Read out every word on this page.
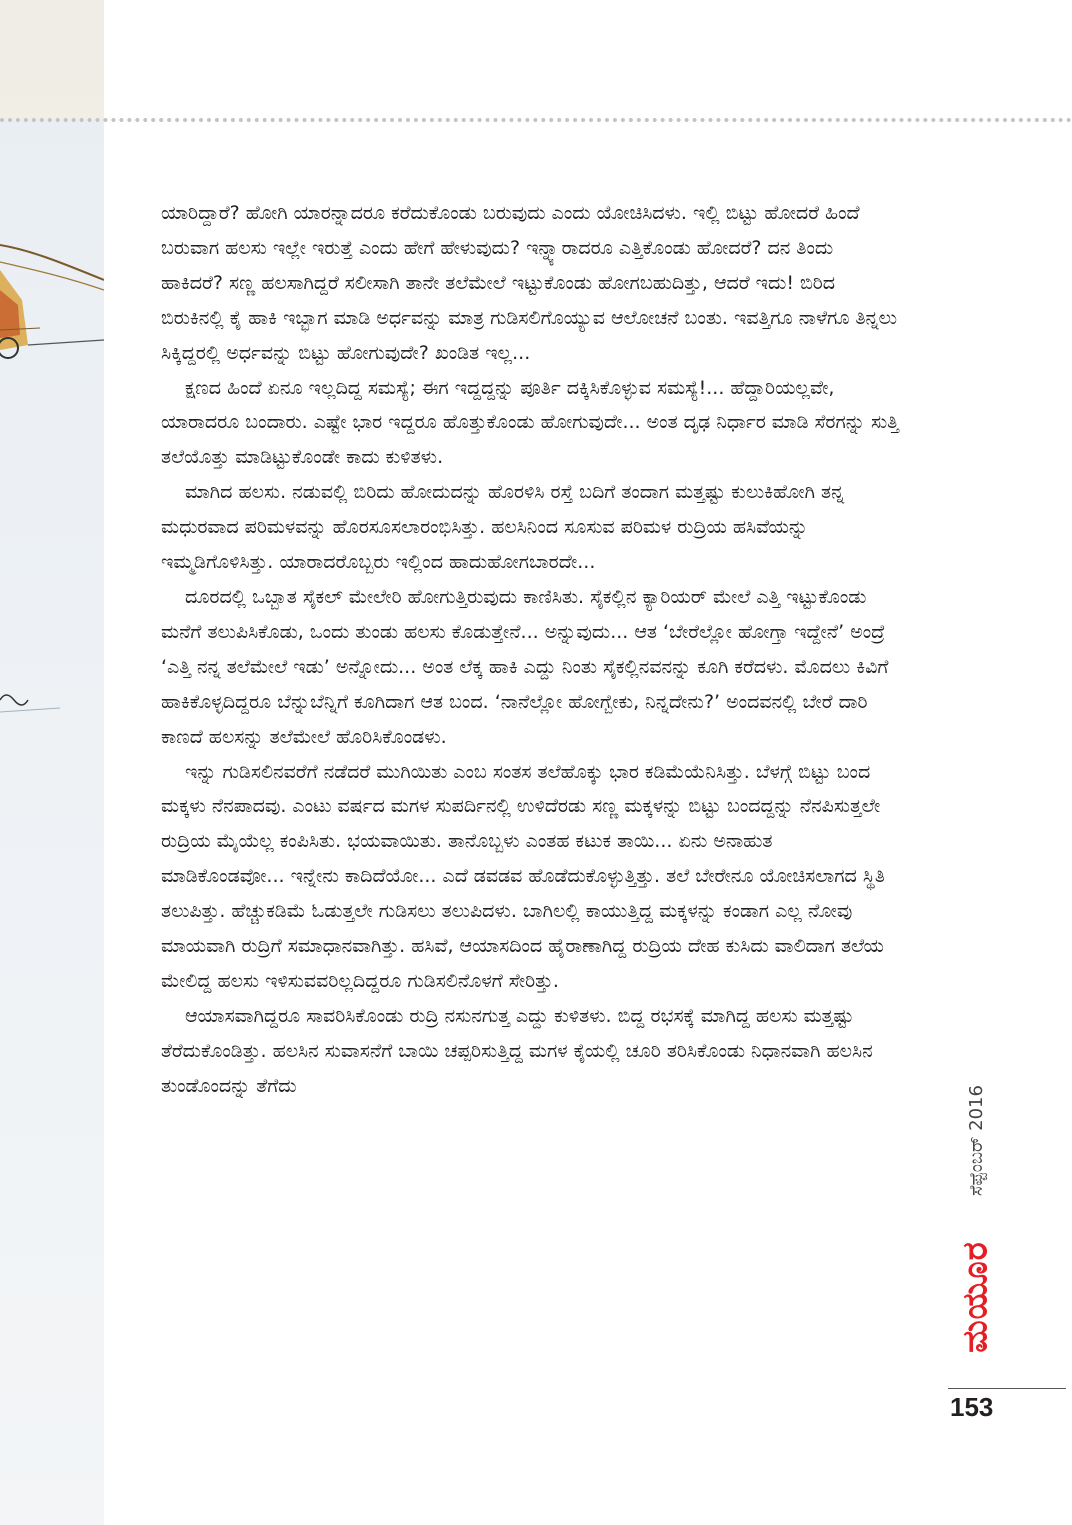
ಯಾರಿದ್ದಾರೆ? ಹೋಗಿ ಯಾರನ್ನಾದರೂ ಕರೆದುಕೊಂಡು ಬರುವುದು ಎಂದು ಯೋಚಿಸಿದಳು. ಇಲ್ಲಿ ಬಿಟ್ಟು ಹೋದರೆ ಹಿಂದೆ ಬರುವಾಗ ಹಲಸು ಇಲ್ಲೇ ಇರುತ್ತೆ ಎಂದು ಹೇಗೆ ಹೇಳುವುದು? ಇನ್ನ್ಯಾರಾದರೂ ಎತ್ತಿಕೊಂಡು ಹೋದರೆ? ದನ ತಿಂದು ಹಾಕಿದರೆ? ಸಣ್ಣ ಹಲಸಾಗಿದ್ದರೆ ಸಲೀಸಾಗಿ ತಾನೇ ತಲೆಮೇಲೆ ಇಟ್ಟುಕೊಂಡು ಹೋಗಬಹುದಿತ್ತು, ಆದರೆ ಇದು! ಬಿರಿದ ಬಿರುಕಿನಲ್ಲಿ ಕೈ ಹಾಕಿ ಇಬ್ಭಾಗ ಮಾಡಿ ಅರ್ಧವನ್ನು ಮಾತ್ರ ಗುಡಿಸಲಿಗೊಯ್ಯುವ ಆಲೋಚನೆ ಬಂತು. ಇವತ್ತಿಗೂ ನಾಳೆಗೂ ತಿನ್ನಲು ಸಿಕ್ಕಿದ್ದರಲ್ಲಿ ಅರ್ಧವನ್ನು ಬಿಟ್ಟು ಹೋಗುವುದೇ? ಖಂಡಿತ ಇಲ್ಲ...

ಕ್ಷಣದ ಹಿಂದೆ ಏನೂ ಇಲ್ಲದಿದ್ದ ಸಮಸ್ಯೆ; ಈಗ ಇದ್ದದ್ದನ್ನು ಪೂರ್ತಿ ದಕ್ಕಿಸಿಕೊಳ್ಳುವ ಸಮಸ್ಯೆ!... ಹೆದ್ದಾರಿಯಲ್ಲವೇ, ಯಾರಾದರೂ ಬಂದಾರು. ಎಷ್ಟೇ ಭಾರ ಇದ್ದರೂ ಹೊತ್ತುಕೊಂಡು ಹೋಗುವುದೇ... ಅಂತ ದೃಢ ನಿರ್ಧಾರ ಮಾಡಿ ಸೆರಗನ್ನು ಸುತ್ತಿ ತಲೆಯೊತ್ತು ಮಾಡಿಟ್ಟುಕೊಂಡೇ ಕಾದು ಕುಳಿತಳು.

ಮಾಗಿದ ಹಲಸು. ನಡುವಲ್ಲಿ ಬಿರಿದು ಹೋದುದನ್ನು ಹೊರಳಿಸಿ ರಸ್ತೆ ಬದಿಗೆ ತಂದಾಗ ಮತ್ತಷ್ಟು ಕುಲುಕಿಹೋಗಿ ತನ್ನ ಮಧುರವಾದ ಪರಿಮಳವನ್ನು ಹೊರಸೂಸಲಾರಂಭಿಸಿತ್ತು. ಹಲಸಿನಿಂದ ಸೂಸುವ ಪರಿಮಳ ರುದ್ರಿಯ ಹಸಿವೆಯನ್ನು ಇಮ್ಮಡಿಗೊಳಿಸಿತ್ತು. ಯಾರಾದರೊಬ್ಬರು ಇಲ್ಲಿಂದ ಹಾದುಹೋಗಬಾರದೇ...

ದೂರದಲ್ಲಿ ಒಬ್ಬಾತ ಸೈಕಲ್ ಮೇಲೇರಿ ಹೋಗುತ್ತಿರುವುದು ಕಾಣಿಸಿತು. ಸೈಕಲ್ಲಿನ ಕ್ಯಾರಿಯರ್ ಮೇಲೆ ಎತ್ತಿ ಇಟ್ಟುಕೊಂಡು ಮನೆಗೆ ತಲುಪಿಸಿಕೊಡು, ಒಂದು ತುಂಡು ಹಲಸು ಕೊಡುತ್ತೇನೆ... ಅನ್ನುವುದು... ಆತ ‘ಬೇರೆಲ್ಲೋ ಹೋಗ್ತಾ ಇದ್ದೇನೆ’ ಅಂದ್ರೆ ‘ಎತ್ತಿ ನನ್ನ ತಲೆಮೇಲೆ ಇಡು’ ಅನ್ನೋದು... ಅಂತ ಲೆಕ್ಕ ಹಾಕಿ ಎದ್ದು ನಿಂತು ಸೈಕಲ್ಲಿನವನನ್ನು ಕೂಗಿ ಕರೆದಳು. ಮೊದಲು ಕಿವಿಗೆ ಹಾಕಿಕೊಳ್ಳದಿದ್ದರೂ ಬೆನ್ನುಬೆನ್ನಿಗೆ ಕೂಗಿದಾಗ ಆತ ಬಂದ. ‘ನಾನೆಲ್ಲೋ ಹೋಗ್ಬೇಕು, ನಿನ್ನದೇನು?’ ಅಂದವನಲ್ಲಿ ಬೇರೆ ದಾರಿ ಕಾಣದೆ ಹಲಸನ್ನು ತಲೆಮೇಲೆ ಹೊರಿಸಿಕೊಂಡಳು.

ಇನ್ನು ಗುಡಿಸಲಿನವರೆಗೆ ನಡೆದರೆ ಮುಗಿಯಿತು ಎಂಬ ಸಂತಸ ತಲೆಹೊಕ್ಕು ಭಾರ ಕಡಿಮೆಯೆನಿಸಿತ್ತು. ಬೆಳಗ್ಗೆ ಬಿಟ್ಟು ಬಂದ ಮಕ್ಕಳು ನೆನಪಾದವು. ಎಂಟು ವರ್ಷದ ಮಗಳ ಸುಪರ್ದಿನಲ್ಲಿ ಉಳಿದೆರಡು ಸಣ್ಣ ಮಕ್ಕಳನ್ನು ಬಿಟ್ಟು ಬಂದದ್ದನ್ನು ನೆನಪಿಸುತ್ತಲೇ ರುದ್ರಿಯ ಮೈಯೆಲ್ಲ ಕಂಪಿಸಿತು. ಭಯವಾಯಿತು. ತಾನೊಬ್ಬಳು ಎಂತಹ ಕಟುಕ ತಾಯಿ... ಏನು ಅನಾಹುತ ಮಾಡಿಕೊಂಡವೋ... ಇನ್ನೇನು ಕಾದಿದೆಯೋ... ಎದೆ ಡವಡವ ಹೊಡೆದುಕೊಳ್ಳುತ್ತಿತ್ತು. ತಲೆ ಬೇರೇನೂ ಯೋಚಿಸಲಾಗದ ಸ್ಥಿತಿ ತಲುಪಿತ್ತು. ಹೆಚ್ಚುಕಡಿಮೆ ಓಡುತ್ತಲೇ ಗುಡಿಸಲು ತಲುಪಿದಳು. ಬಾಗಿಲಲ್ಲಿ ಕಾಯುತ್ತಿದ್ದ ಮಕ್ಕಳನ್ನು ಕಂಡಾಗ ಎಲ್ಲ ನೋವು ಮಾಯವಾಗಿ ರುದ್ರಿಗೆ ಸಮಾಧಾನವಾಗಿತ್ತು. ಹಸಿವೆ, ಆಯಾಸದಿಂದ ಹೈರಾಣಾಗಿದ್ದ ರುದ್ರಿಯ ದೇಹ ಕುಸಿದು ವಾಲಿದಾಗ ತಲೆಯ ಮೇಲಿದ್ದ ಹಲಸು ಇಳಿಸುವವರಿಲ್ಲದಿದ್ದರೂ ಗುಡಿಸಲಿನೊಳಗೆ ಸೇರಿತ್ತು.

ಆಯಾಸವಾಗಿದ್ದರೂ ಸಾವರಿಸಿಕೊಂಡು ರುದ್ರಿ ನಸುನಗುತ್ತ ಎದ್ದು ಕುಳಿತಳು. ಬಿದ್ದ ರಭಸಕ್ಕೆ ಮಾಗಿದ್ದ ಹಲಸು ಮತ್ತಷ್ಟು ತೆರೆದುಕೊಂಡಿತ್ತು. ಹಲಸಿನ ಸುವಾಸನೆಗೆ ಬಾಯಿ ಚಪ್ಪರಿಸುತ್ತಿದ್ದ ಮಗಳ ಕೈಯಲ್ಲಿ ಚೂರಿ ತರಿಸಿಕೊಂಡು ನಿಧಾನವಾಗಿ ಹಲಸಿನ ತುಂಡೊಂದನ್ನು ತೆಗೆದು	ಸೆಪ್ಟೆಂಬರ್ 2016
ಮಯೂರ
153
